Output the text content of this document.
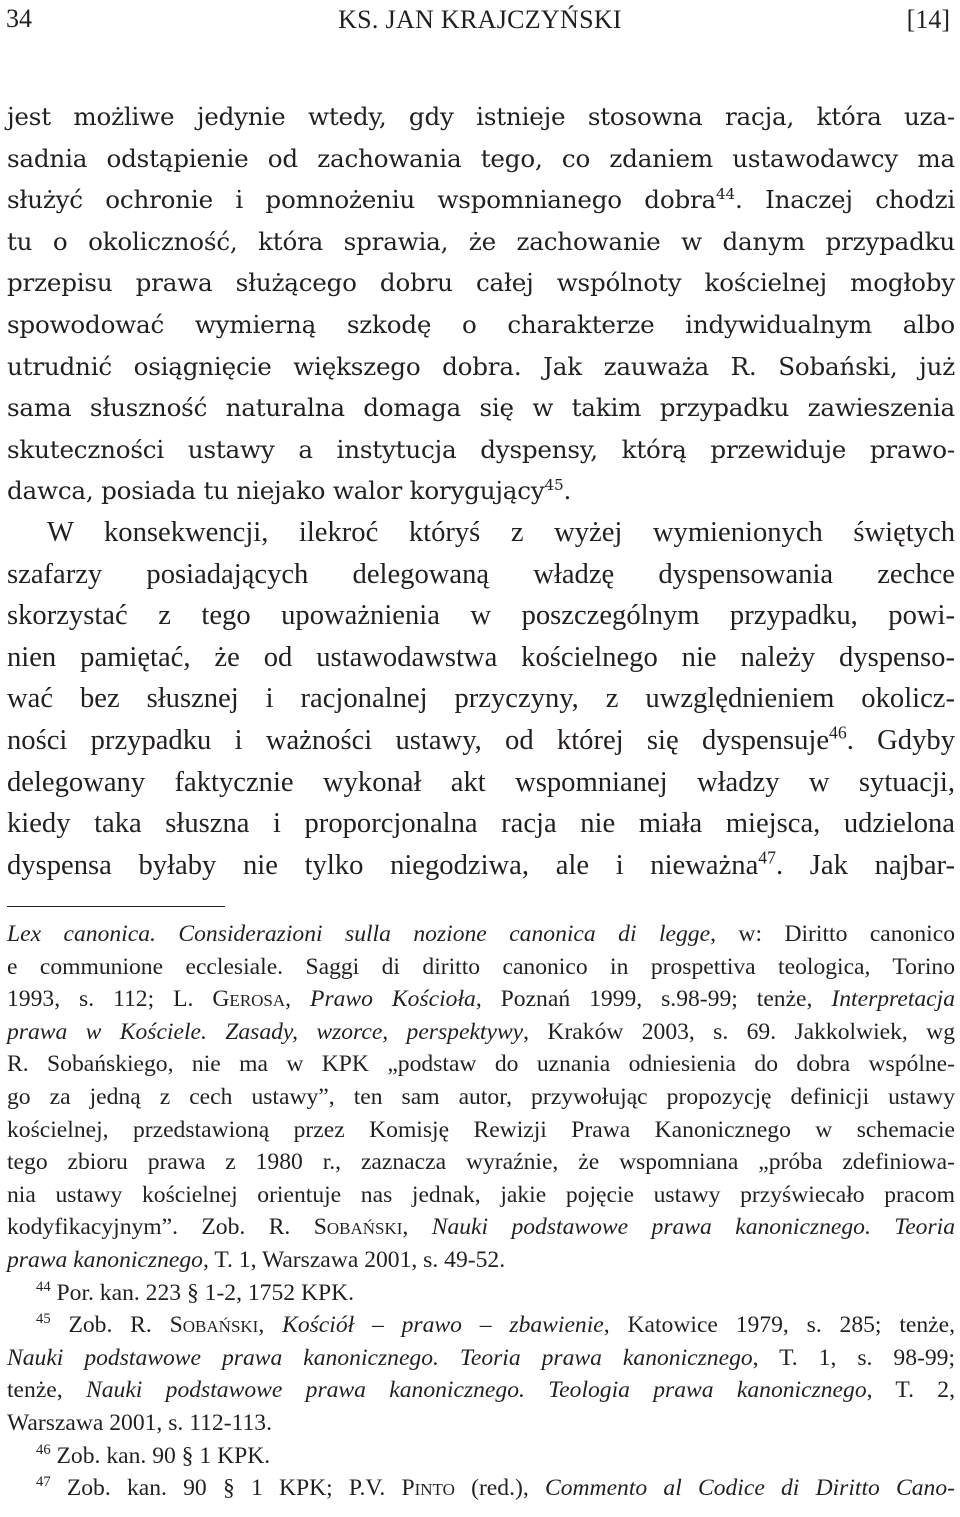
34	KS. JAN KRAJCZYŃSKI	[14]
jest możliwe jedynie wtedy, gdy istnieje stosowna racja, która uza-
sadnia odstąpienie od zachowania tego, co zdaniem ustawodawcy ma
służyć ochronie i pomnożeniu wspomnianego dobra$^{44}$. Inaczej chodzi
tu o okoliczność, która sprawia, że zachowanie w danym przypadku
przepisu prawa służącego dobru całej wspólnoty kościelnej mogłoby
spowodować wymierną szkodę o charakterze indywidualnym albo
utrudnić osiągnięcie większego dobra. Jak zauważa R. Sobański, już
sama słuszność naturalna domaga się w takim przypadku zawieszenia
skuteczności ustawy a instytucja dyspensy, którą przewiduje prawo-
dawca, posiada tu niejako walor korygujący$^{45}$.
W konsekwencji, ilekroć któryś z wyżej wymienionych świętych
szafarzy posiadających delegowaną władzę dyspensowania zechce
skorzystać z tego upoważnienia w poszczególnym przypadku, powi-
nien pamiętać, że od ustawodawstwa kościelnego nie należy dyspenso-
wać bez słusznej i racjonalnej przyczyny, z uwzględnieniem okolicz-
ności przypadku i ważności ustawy, od której się dyspensuje$^{46}$. Gdyby
delegowany faktycznie wykonał akt wspomnianej władzy w sytuacji,
kiedy taka słuszna i proporcjonalna racja nie miała miejsca, udzielona
dyspensa byłaby nie tylko niegodziwa, ale i nieważna$^{47}$. Jak najbar-
Lex canonica. Considerazioni sulla nozione canonica di legge, w: Diritto canonico
e communione ecclesiale. Saggi di diritto canonico in prospettiva teologica, Torino
1993, s. 112; L. Gerosa, Prawo Kościoła, Poznań 1999, s.98-99; tenże, Interpretacja
prawa w Kościele. Zasady, wzorce, perspektywy, Kraków 2003, s. 69. Jakkolwiek, wg
R. Sobańskiego, nie ma w KPK „podstaw do uznania odniesienia do dobra wspólne-
go za jedną z cech ustawy”, ten sam autor, przywołując propozycję definicji ustawy
kościelnej, przedstawioną przez Komisję Rewizji Prawa Kanonicznego w schemacie
tego zbioru prawa z 1980 r., zaznacza wyraźnie, że wspomniana „próba zdefiniowa-
nia ustawy kościelnej orientuje nas jednak, jakie pojęcie ustawy przyświecało pracom
kodyfikacyjnym”. Zob. R. Sobański, Nauki podstawowe prawa kanonicznego. Teoria
prawa kanonicznego, T. 1, Warszawa 2001, s. 49-52.
$^{44}$ Por. kan. 223 § 1-2, 1752 KPK.
$^{45}$ Zob. R. Sobański, Kościół – prawo – zbawienie, Katowice 1979, s. 285; tenże,
Nauki podstawowe prawa kanonicznego. Teoria prawa kanonicznego, T. 1, s. 98-99;
tenże, Nauki podstawowe prawa kanonicznego. Teologia prawa kanonicznego, T. 2,
Warszawa 2001, s. 112-113.
$^{46}$ Zob. kan. 90 § 1 KPK.
$^{47}$ Zob. kan. 90 § 1 KPK; P.V. Pinto (red.), Commento al Codice di Diritto Cano-
